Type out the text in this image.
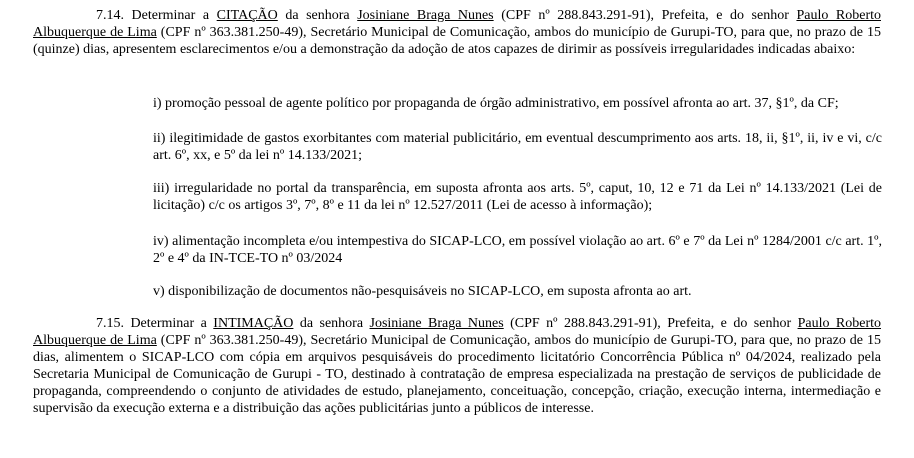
7.14. Determinar a CITAÇÃO da senhora Josiniane Braga Nunes (CPF nº 288.843.291-91), Prefeita, e do senhor Paulo Roberto Albuquerque de Lima (CPF nº 363.381.250-49), Secretário Municipal de Comunicação, ambos do município de Gurupi-TO, para que, no prazo de 15 (quinze) dias, apresentem esclarecimentos e/ou a demonstração da adoção de atos capazes de dirimir as possíveis irregularidades indicadas abaixo:

i) promoção pessoal de agente político por propaganda de órgão administrativo, em possível afronta ao art. 37, §1º, da CF;

ii) ilegitimidade de gastos exorbitantes com material publicitário, em eventual descumprimento aos arts. 18, ii, §1º, ii, iv e vi, c/c art. 6º, xx, e 5º da lei nº 14.133/2021;

iii) irregularidade no portal da transparência, em suposta afronta aos arts. 5º, caput, 10, 12 e 71 da Lei nº 14.133/2021 (Lei de licitação) c/c os artigos 3º, 7º, 8º e 11 da lei nº 12.527/2011 (Lei de acesso à informação);

iv) alimentação incompleta e/ou intempestiva do SICAP-LCO, em possível violação ao art. 6º e 7º da Lei nº 1284/2001 c/c art. 1º, 2º e 4º da IN-TCE-TO nº 03/2024

v) disponibilização de documentos não-pesquisáveis no SICAP-LCO, em suposta afronta ao art.

7.15. Determinar a INTIMAÇÃO da senhora Josiniane Braga Nunes (CPF nº 288.843.291-91), Prefeita, e do senhor Paulo Roberto Albuquerque de Lima (CPF nº 363.381.250-49), Secretário Municipal de Comunicação, ambos do município de Gurupi-TO, para que, no prazo de 15 dias, alimentem o SICAP-LCO com cópia em arquivos pesquisáveis do procedimento licitatório Concorrência Pública nº 04/2024, realizado pela Secretaria Municipal de Comunicação de Gurupi - TO, destinado à contratação de empresa especializada na prestação de serviços de publicidade de propaganda, compreendendo o conjunto de atividades de estudo, planejamento, conceituação, concepção, criação, execução interna, intermediação e supervisão da execução externa e a distribuição das ações publicitárias junto a públicos de interesse.
